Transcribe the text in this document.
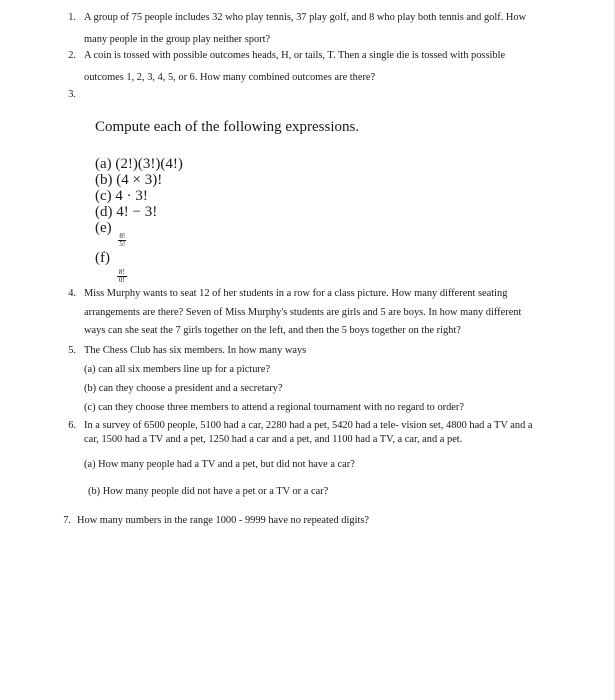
1. A group of 75 people includes 32 who play tennis, 37 play golf, and 8 who play both tennis and golf. How
many people in the group play neither sport?
2. A coin is tossed with possible outcomes heads, H, or tails, T. Then a single die is tossed with possible
outcomes 1, 2, 3, 4, 5, or 6. How many combined outcomes are there?
3.
Compute each of the following expressions.
(a) (2!)(3!)(4!)
(b) (4 × 3)!
(c) 4 · 3!
(d) 4! − 3!
(e)
$\frac{8!}{5!}$
(f)
$\frac{8!}{0!}$
4. Miss Murphy wants to seat 12 of her students in a row for a class picture. How many different seating
arrangements are there? Seven of Miss Murphy's students are girls and 5 are boys. In how many different
ways can she seat the 7 girls together on the left, and then the 5 boys together on the right?
5. The Chess Club has six members. In how many ways
(a) can all six members line up for a picture?
(b) can they choose a president and a secretary?
(c) can they choose three members to attend a regional tournament with no regard to order?
6. In a survey of 6500 people, 5100 had a car, 2280 had a pet, 5420 had a tele- vision set, 4800 had a TV and a
car, 1500 had a TV and a pet, 1250 had a car and a pet, and 1100 had a TV, a car, and a pet.
(a) How many people had a TV and a pet, but did not have a car?
(b) How many people did not have a pet or a TV or a car?
7. How many numbers in the range 1000 - 9999 have no repeated digits?
